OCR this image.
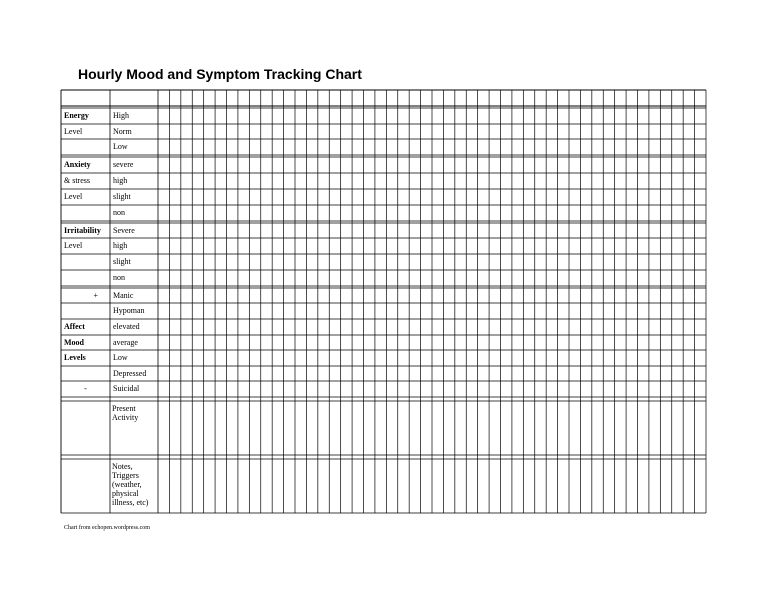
Hourly Mood and Symptom Tracking Chart
Energy	High
Level	Norm
Low
Anxiety	severe
& stress	high
Level	slight
non
Irritability Severe
Level	high
slight
non
+ Manic
Hypoman
Affect	elevated
Mood	average
Levels	Low
Depressed
-	Suicidal
Present Activity
Notes, Triggers (weather, physical illness, etc)
Chart from echopen.wordpress.com
